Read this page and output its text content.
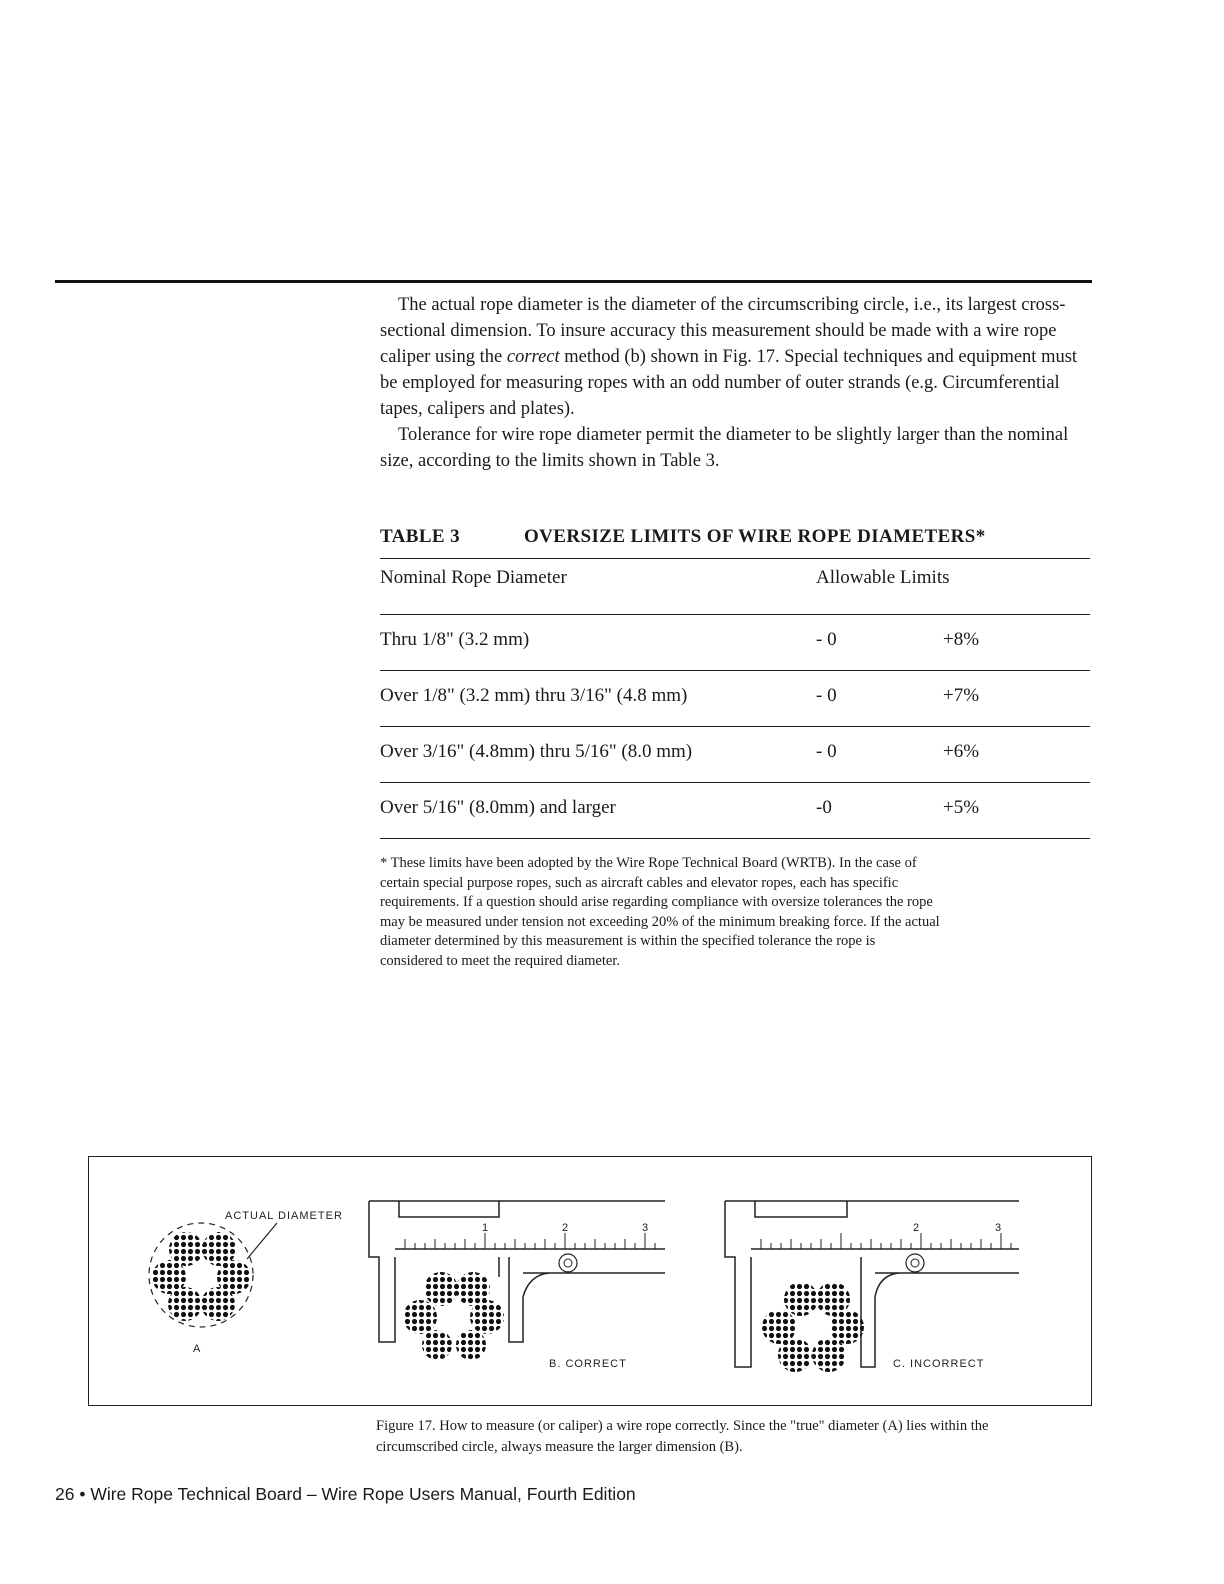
The actual rope diameter is the diameter of the circumscribing circle, i.e., its largest cross-sectional dimension. To insure accuracy this measurement should be made with a wire rope caliper using the correct method (b) shown in Fig. 17. Special techniques and equipment must be employed for measuring ropes with an odd number of outer strands (e.g. Circumferential tapes, calipers and plates).

Tolerance for wire rope diameter permit the diameter to be slightly larger than the nominal size, according to the limits shown in Table 3.

TABLE 3	OVERSIZE LIMITS OF WIRE ROPE DIAMETERS*
Nominal Rope Diameter	Allowable Limits
Thru 1/8" (3.2 mm)	- 0	+8%
Over 1/8" (3.2 mm) thru 3/16" (4.8 mm)	- 0	+7%
Over 3/16" (4.8mm) thru 5/16" (8.0 mm)	- 0	+6%
Over 5/16" (8.0mm) and larger	-0	+5%

* These limits have been adopted by the Wire Rope Technical Board (WRTB). In the case of certain special purpose ropes, such as aircraft cables and elevator ropes, each has specific requirements. If a question should arise regarding compliance with oversize tolerances the rope may be measured under tension not exceeding 20% of the minimum breaking force. If the actual diameter determined by this measurement is within the specified tolerance the rope is considered to meet the required diameter.

ACTUAL DIAMETER
A
1	2	3
B. CORRECT
2	3
C. INCORRECT
Figure 17. How to measure (or caliper) a wire rope correctly. Since the "true" diameter (A) lies within the circumscribed circle, always measure the larger dimension (B).
26 • Wire Rope Technical Board – Wire Rope Users Manual, Fourth Edition
